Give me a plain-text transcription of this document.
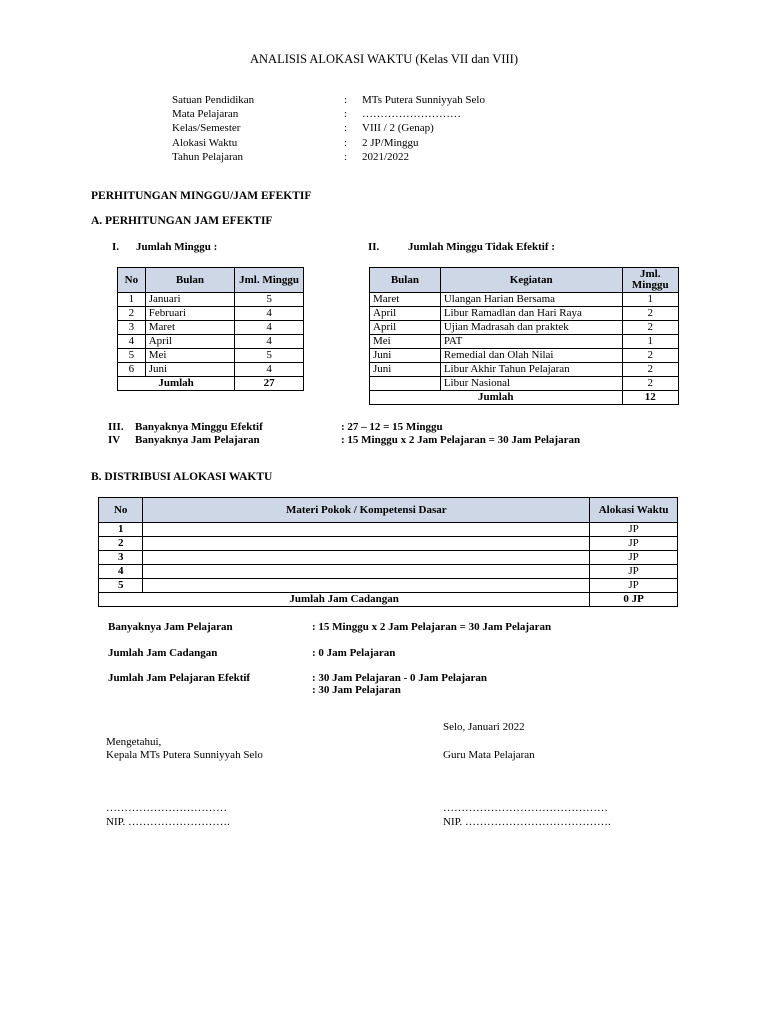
ANALISIS ALOKASI WAKTU (Kelas VII dan VIII)
Satuan Pendidikan	: MTs Putera Sunniyyah Selo
Mata Pelajaran	: ………………………
Kelas/Semester	: VIII / 2 (Genap)
Alokasi Waktu	: 2 JP/Minggu
Tahun Pelajaran	: 2021/2022
PERHITUNGAN MINGGU/JAM EFEKTIF
A. PERHITUNGAN JAM EFEKTIF
I. Jumlah Minggu :	II.	Jumlah Minggu Tidak Efektif :
No	Bulan	Jml. Minggu
1	Januari	5
2	Februari	4
3	Maret	4
4	April	4
5	Mei	5
6	Juni	4
Jumlah		27
Bulan	Kegiatan	Jml. Minggu
Maret	Ulangan Harian Bersama	1
April	Libur Ramadlan dan Hari Raya	2
April	Ujian Madrasah dan praktek	2
Mei	PAT	1
Juni	Remedial dan Olah Nilai	2
Juni	Libur Akhir Tahun Pelajaran	2
	Libur Nasional	2
Jumlah		12
III. Banyaknya Minggu Efektif	: 27 – 12 = 15 Minggu
IV Banyaknya Jam Pelajaran	: 15 Minggu x 2 Jam Pelajaran = 30 Jam Pelajaran
B. DISTRIBUSI ALOKASI WAKTU
No	Materi Pokok / Kompetensi Dasar	Alokasi Waktu
1		JP
2		JP
3		JP
4		JP
5		JP
Jumlah Jam Cadangan		0 JP
Banyaknya Jam Pelajaran	: 15 Minggu x 2 Jam Pelajaran = 30 Jam Pelajaran
Jumlah Jam Cadangan	: 0 Jam Pelajaran
Jumlah Jam Pelajaran Efektif	: 30 Jam Pelajaran - 0 Jam Pelajaran
: 30 Jam Pelajaran
Selo, Januari 2022
Mengetahui,
Kepala MTs Putera Sunniyyah Selo	Guru Mata Pelajaran
……………………………
NIP. ……………………….
………………………………………
NIP. ………………………………….
